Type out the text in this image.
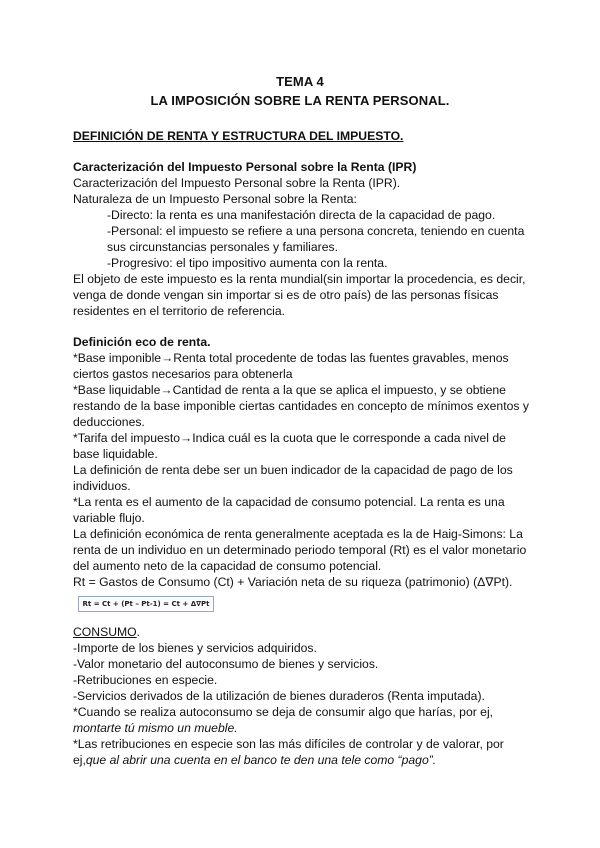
TEMA 4
LA IMPOSICIÓN SOBRE LA RENTA PERSONAL.
DEFINICIÓN DE RENTA Y ESTRUCTURA DEL IMPUESTO.
Caracterización del Impuesto Personal sobre la Renta (IPR)
Caracterización del Impuesto Personal sobre la Renta (IPR).
Naturaleza de un Impuesto Personal sobre la Renta:
-Directo: la renta es una manifestación directa de la capacidad de pago.
-Personal: el impuesto se refiere a una persona concreta, teniendo en cuenta
sus circunstancias personales y familiares.
-Progresivo: el tipo impositivo aumenta con la renta.
El objeto de este impuesto es la renta mundial(sin importar la procedencia, es decir,
venga de donde vengan sin importar si es de otro país) de las personas físicas
residentes en el territorio de referencia.
Definición eco de renta.
*Base imponible→Renta total procedente de todas las fuentes gravables, menos
ciertos gastos necesarios para obtenerla
*Base liquidable→Cantidad de renta a la que se aplica el impuesto, y se obtiene
restando de la base imponible ciertas cantidades en concepto de mínimos exentos y
deducciones.
*Tarifa del impuesto→Indica cuál es la cuota que le corresponde a cada nivel de
base liquidable.
La definición de renta debe ser un buen indicador de la capacidad de pago de los
individuos.
*La renta es el aumento de la capacidad de consumo potencial. La renta es una
variable flujo.
La definición económica de renta generalmente aceptada es la de Haig-Simons: La
renta de un individuo en un determinado periodo temporal (Rt) es el valor monetario
del aumento neto de la capacidad de consumo potencial.
Rt = Gastos de Consumo (Ct) + Variación neta de su riqueza (patrimonio) (Δ∇Pt).
Rt = Ct + (Pt – Pt-1) = Ct + Δ∇Pt
CONSUMO.
-Importe de los bienes y servicios adquiridos.
-Valor monetario del autoconsumo de bienes y servicios.
-Retribuciones en especie.
-Servicios derivados de la utilización de bienes duraderos (Renta imputada).
*Cuando se realiza autoconsumo se deja de consumir algo que harías, por ej,
montarte tú mismo un mueble.
*Las retribuciones en especie son las más difíciles de controlar y de valorar, por
ej,que al abrir una cuenta en el banco te den una tele como “pago”.
